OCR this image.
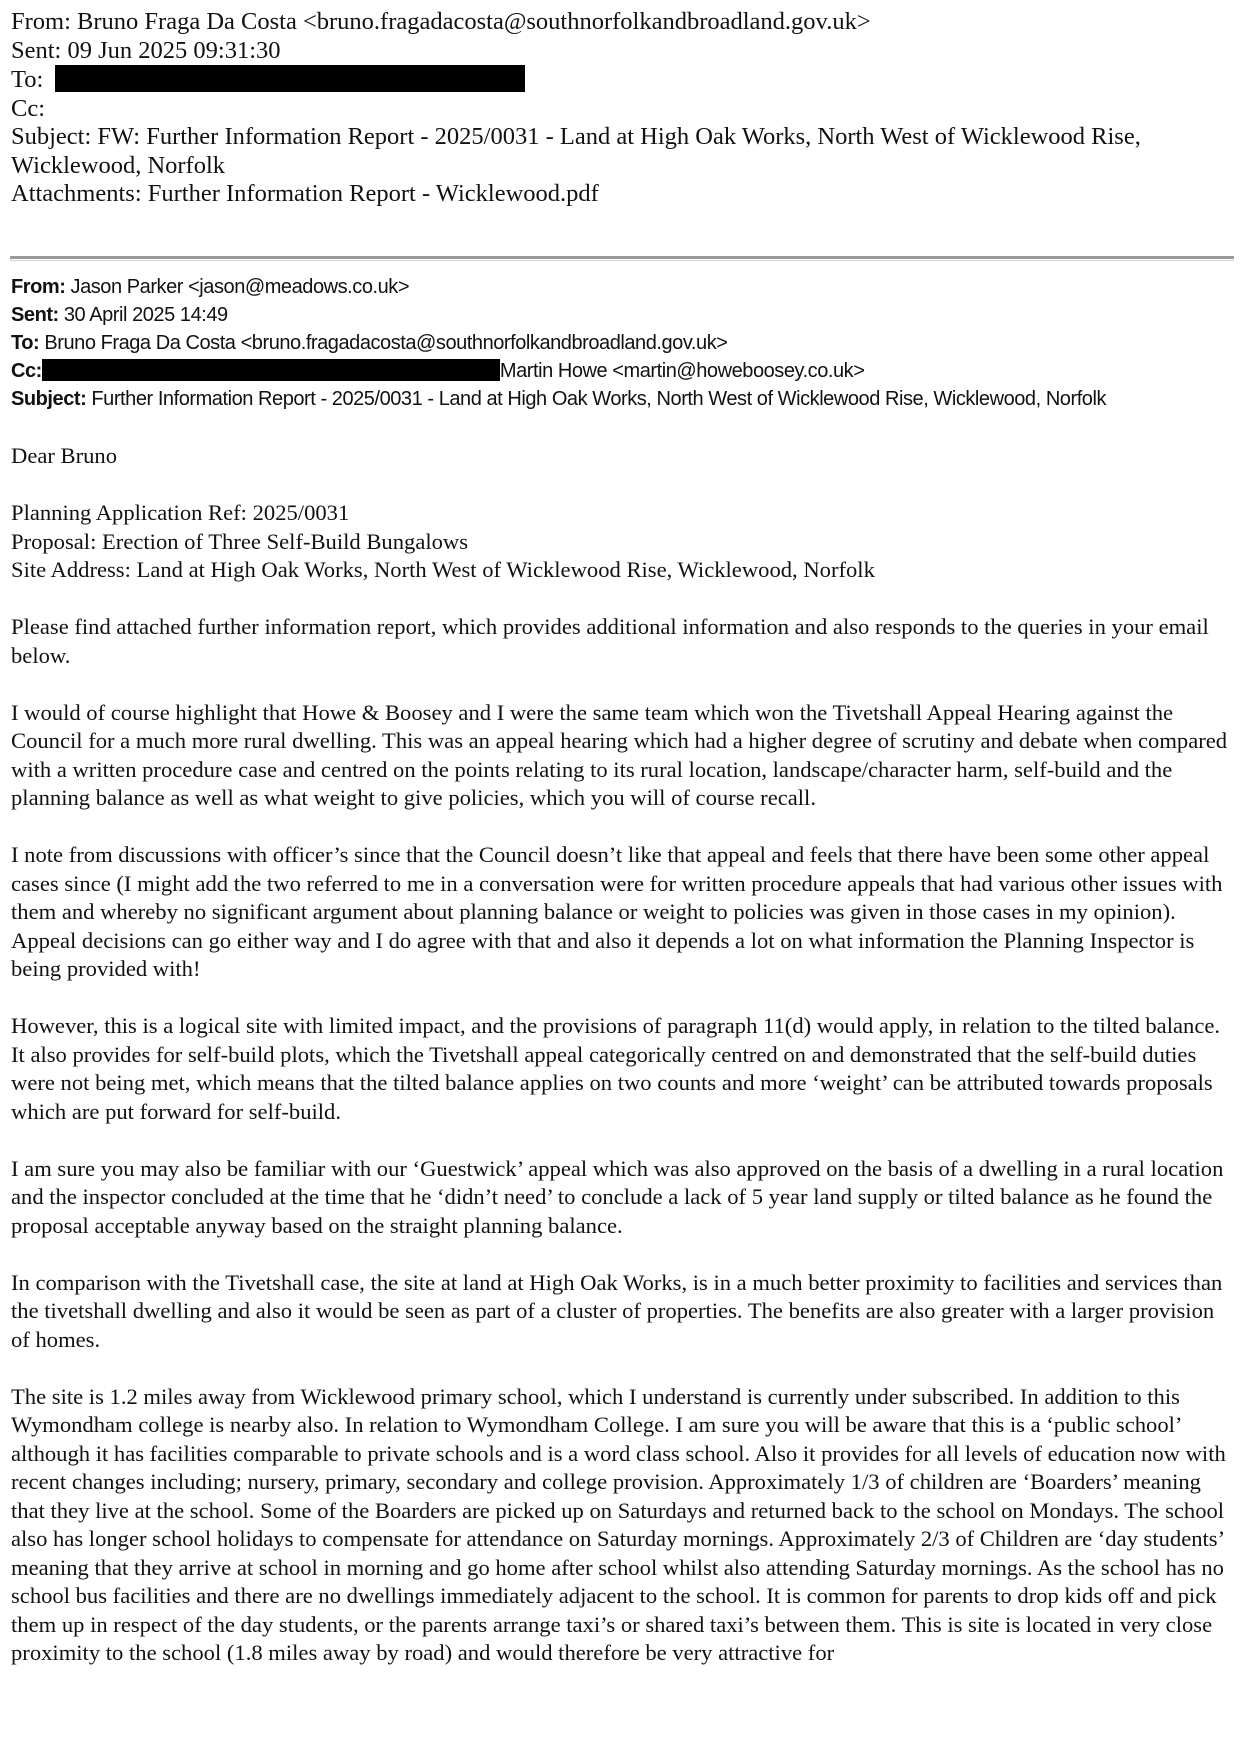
From: Bruno Fraga Da Costa <bruno.fragadacosta@southnorfolkandbroadland.gov.uk>
Sent: 09 Jun 2025 09:31:30
To:
Cc:
Subject: FW: Further Information Report - 2025/0031 - Land at High Oak Works, North West of Wicklewood Rise, Wicklewood, Norfolk
Attachments: Further Information Report - Wicklewood.pdf
From: Jason Parker <jason@meadows.co.uk>
Sent: 30 April 2025 14:49
To: Bruno Fraga Da Costa <bruno.fragadacosta@southnorfolkandbroadland.gov.uk>
Cc:	Martin Howe <martin@howeboosey.co.uk>
Subject: Further Information Report - 2025/0031 - Land at High Oak Works, North West of Wicklewood Rise, Wicklewood, Norfolk

Dear Bruno

Planning Application Ref: 2025/0031

Proposal: Erection of Three Self-Build Bungalows

Site Address: Land at High Oak Works, North West of Wicklewood Rise, Wicklewood, Norfolk

Please find attached further information report, which provides additional information and also responds to the queries in your email below.

I would of course highlight that Howe & Boosey and I were the same team which won the Tivetshall Appeal Hearing against the Council for a much more rural dwelling. This was an appeal hearing which had a higher degree of scrutiny and debate when compared with a written procedure case and centred on the points relating to its rural location, landscape/character harm, self-build and the planning balance as well as what weight to give policies, which you will of course recall.

I note from discussions with officer’s since that the Council doesn’t like that appeal and feels that there have been some other appeal cases since (I might add the two referred to me in a conversation were for written procedure appeals that had various other issues with them and whereby no significant argument about planning balance or weight to policies was given in those cases in my opinion). Appeal decisions can go either way and I do agree with that and also it depends a lot on what information the Planning Inspector is being provided with!

However, this is a logical site with limited impact, and the provisions of paragraph 11(d) would apply, in relation to the tilted balance. It also provides for self-build plots, which the Tivetshall appeal categorically centred on and demonstrated that the self-build duties were not being met, which means that the tilted balance applies on two counts and more ‘weight’ can be attributed towards proposals which are put forward for self-build.

I am sure you may also be familiar with our ‘Guestwick’ appeal which was also approved on the basis of a dwelling in a rural location and the inspector concluded at the time that he ‘didn’t need’ to conclude a lack of 5 year land supply or tilted balance as he found the proposal acceptable anyway based on the straight planning balance.

In comparison with the Tivetshall case, the site at land at High Oak Works, is in a much better proximity to facilities and services than the tivetshall dwelling and also it would be seen as part of a cluster of properties. The benefits are also greater with a larger provision of homes.

The site is 1.2 miles away from Wicklewood primary school, which I understand is currently under subscribed. In addition to this Wymondham college is nearby also. In relation to Wymondham College. I am sure you will be aware that this is a ‘public school’ although it has facilities comparable to private schools and is a word class school. Also it provides for all levels of education now with recent changes including; nursery, primary, secondary and college provision. Approximately 1/3 of children are ‘Boarders’ meaning that they live at the school. Some of the Boarders are picked up on Saturdays and returned back to the school on Mondays. The school also has longer school holidays to compensate for attendance on Saturday mornings. Approximately 2/3 of Children are ‘day students’ meaning that they arrive at school in morning and go home after school whilst also attending Saturday mornings. As the school has no school bus facilities and there are no dwellings immediately adjacent to the school. It is common for parents to drop kids off and pick them up in respect of the day students, or the parents arrange taxi’s or shared taxi’s between them. This is site is located in very close proximity to the school (1.8 miles away by road) and would therefore be very attractive for
